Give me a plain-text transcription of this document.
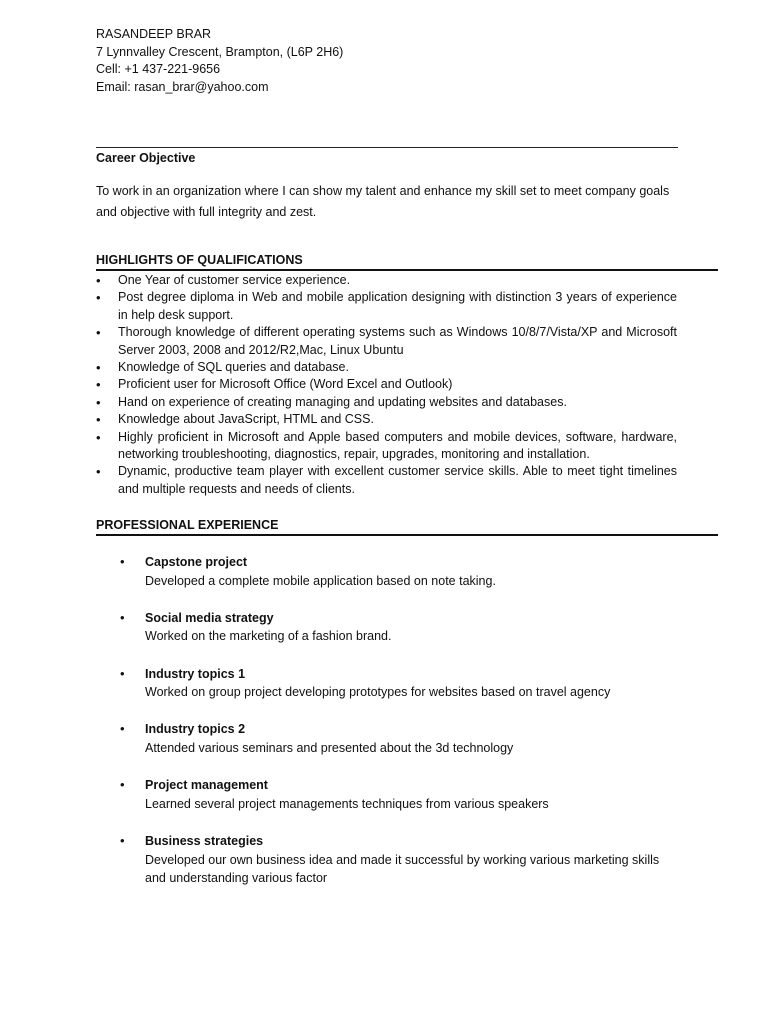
RASANDEEP BRAR
7 Lynnvalley Crescent, Brampton, (L6P 2H6)
Cell: +1 437-221-9656
Email: rasan_brar@yahoo.com
Career Objective
To work in an organization where I can show my talent and enhance my skill set to meet company goals and objective with full integrity and zest.
HIGHLIGHTS OF QUALIFICATIONS
• One Year of customer service experience.
• Post degree diploma in Web and mobile application designing with distinction 3 years of experience in help desk support.
• Thorough knowledge of different operating systems such as Windows 10/8/7/Vista/XP and Microsoft Server 2003, 2008 and 2012/R2,Mac, Linux Ubuntu
• Knowledge of SQL queries and database.
• Proficient user for Microsoft Office (Word Excel and Outlook)
• Hand on experience of creating managing and updating websites and databases.
• Knowledge about JavaScript, HTML and CSS.
• Highly proficient in Microsoft and Apple based computers and mobile devices, software, hardware, networking troubleshooting, diagnostics, repair, upgrades, monitoring and installation.
• Dynamic, productive team player with excellent customer service skills. Able to meet tight timelines and multiple requests and needs of clients.
PROFESSIONAL EXPERIENCE
• Capstone project
Developed a complete mobile application based on note taking.
• Social media strategy
Worked on the marketing of a fashion brand.
• Industry topics 1
Worked on group project developing prototypes for websites based on travel agency
• Industry topics 2
Attended various seminars and presented about the 3d technology
• Project management
Learned several project managements techniques from various speakers
• Business strategies
Developed our own business idea and made it successful by working various marketing skills and understanding various factor
